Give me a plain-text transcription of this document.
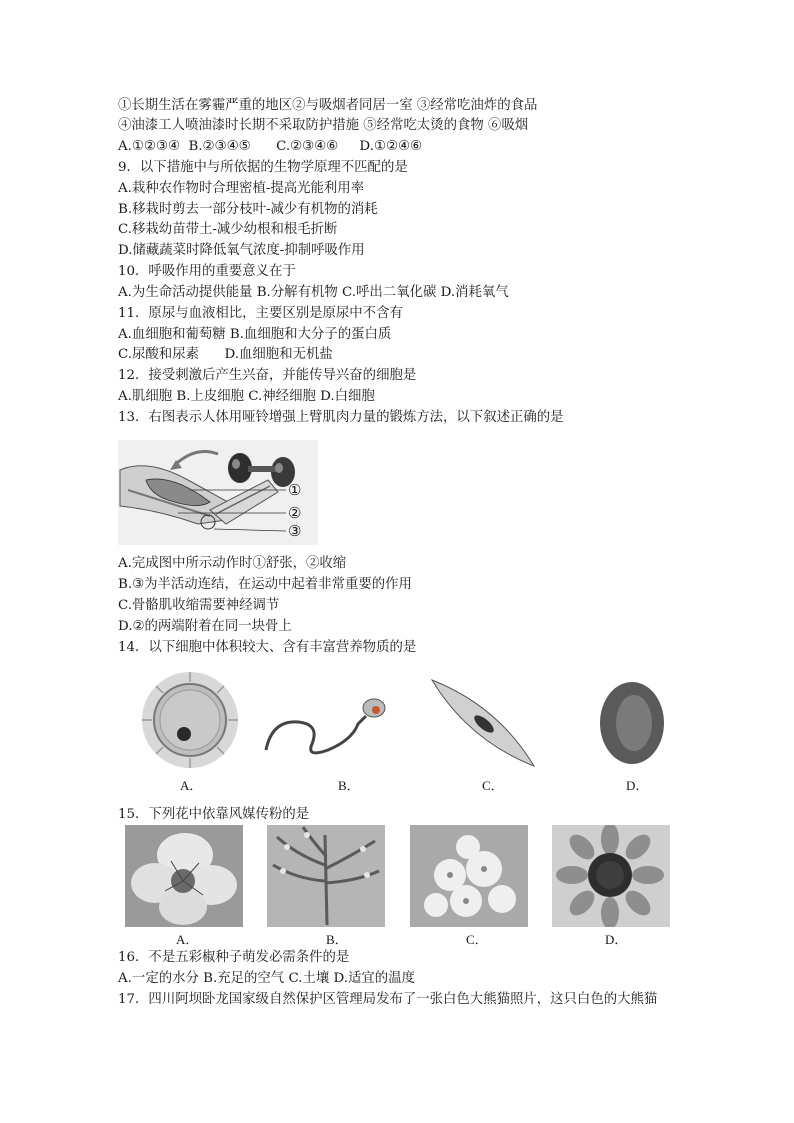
①长期生活在雾霾严重的地区②与吸烟者同居一室 ③经常吃油炸的食品
④油漆工人喷油漆时长期不采取防护措施 ⑤经常吃太烫的食物 ⑥吸烟
A.①②③④  B.②③④⑤      C.②③④⑥     D.①②④⑥
9．以下措施中与所依据的生物学原理不匹配的是
A.栽种农作物时合理密植-提高光能利用率
B.移栽时剪去一部分枝叶-减少有机物的消耗
C.移栽幼苗带土-减少幼根和根毛折断
D.储藏蔬菜时降低氧气浓度-抑制呼吸作用
10．呼吸作用的重要意义在于
A.为生命活动提供能量 B.分解有机物 C.呼出二氧化碳 D.消耗氧气
11．原尿与血液相比，主要区别是原尿中不含有
A.血细胞和葡萄糖 B.血细胞和大分子的蛋白质
C.尿酸和尿素      D.血细胞和无机盐
12．接受刺激后产生兴奋，并能传导兴奋的细胞是
A.肌细胞 B.上皮细胞 C.神经细胞 D.白细胞
13．右图表示人体用哑铃增强上臂肌肉力量的锻炼方法，以下叙述正确的是
①
②
③
A.完成图中所示动作时①舒张，②收缩
B.③为半活动连结，在运动中起着非常重要的作用
C.骨骼肌收缩需要神经调节
D.②的两端附着在同一块骨上
14．以下细胞中体积较大、含有丰富营养物质的是
A．	B．	C．	D．
15．下列花中依靠风媒传粉的是
A．	B．	C．	D．
16．不是五彩椒种子萌发必需条件的是
A.一定的水分 B.充足的空气 C.土壤 D.适宜的温度
17．四川阿坝卧龙国家级自然保护区管理局发布了一张白色大熊猫照片，这只白色的大熊猫
